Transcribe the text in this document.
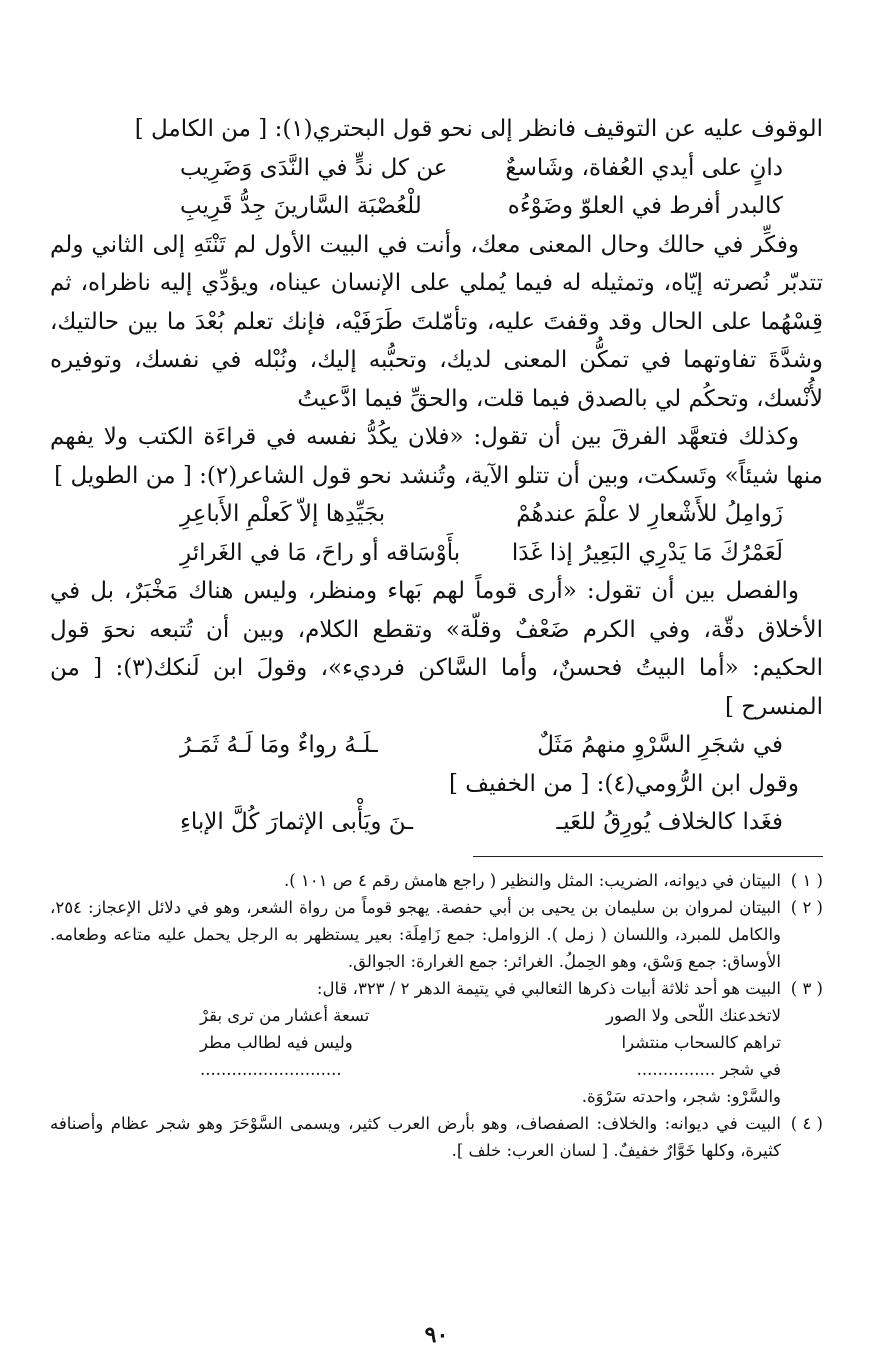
الوقوف عليه عن التوقيف فانظر إلى نحو قول البحتري(١): [ من الكامل ]

دانٍ على أيدي العُفاة، وشَاسعٌ
عن كل ندٍّ في النَّدَى وَضَرِيب
كالبدر أفرط في العلوّ وضَوْءُه
للْعُصْبَة السَّارينَ جِدُّ قَرِيبِ

وفكِّر في حالك وحال المعنى معك، وأنت في البيت الأول لم تَنْتَهِ إلى الثاني ولم تتدبّر نُصرته إيّاه، وتمثيله له فيما يُملي على الإنسان عيناه، ويؤدِّي إليه ناظراه، ثم قِسْهُما على الحال وقد وقفتَ عليه، وتأمّلتَ طَرَفَيْه، فإنك تعلم بُعْدَ ما بين حالتيك، وشدَّةَ تفاوتهما في تمكُّن المعنى لديك، وتحبُّبه إليك، ونُبْله في نفسك، وتوفيره لأُنْسك، وتحكُم لي بالصدق فيما قلت، والحقِّ فيما ادَّعيتُ

وكذلك فتعهَّد الفرقَ بين أن تقول: «فلان يكُدُّ نفسه في قراءَة الكتب ولا يفهم منها شيئاً» وتَسكت، وبين أن تتلو الآية، وتُنشد نحو قول الشاعر(٢): [ من الطويل ]

زَوامِلُ للأَشْعارِ لا علْمَ عندهُمْ
بجَيِّدِها إلاّ كَعلْمِ الأَباعِرِ
لَعَمْرُكَ مَا يَدْرِي البَعِيرُ إذا غَدَا
بأَوْسَاقه أو راحَ، مَا في الغَرائرِ

والفصل بين أن تقول: «أرى قوماً لهم بَهاء ومنظر، وليس هناك مَخْبَرٌ، بل في الأخلاق دقّة، وفي الكرم ضَعْفٌ وقلّة» وتقطع الكلام، وبين أن تُتبعه نحوَ قول الحكيم: «أما البيتُ فحسنٌ، وأما السَّاكن فرديء»، وقولَ ابن لَنكك(٣): [ من المنسرح ]

في شجَرِ السَّرْوِ منهمُ مَثَلٌ
ـلَـهُ رواءٌ ومَا لَـهُ ثَمَـرُ

وقول ابن الرُّومي(٤): [ من الخفيف ]

فغَدا كالخلاف يُورِقُ للعَيـ
ـنَ ويَأْبى الإثمارَ كُلَّ الإباءِ
( ١ )

البيتان في ديوانه، الضريب: المثل والنظير ( راجع هامش رقم ٤ ص ١٠١ ).

( ٢ )

البيتان لمروان بن سليمان بن يحيى بن أبي حفصة. يهجو قوماً من رواة الشعر، وهو في دلائل الإعجاز: ٢٥٤، والكامل للمبرد، واللسان ( زمل ). الزوامل: جمع زَامِلَة: بعير يستظهر به الرجل يحمل عليه متاعه وطعامه. الأوساق: جمع وَسْق، وهو الحِملُ. الغرائر: جمع الغرارة: الجوالق.

( ٣ )

البيت هو أحد ثلاثة أبيات ذكرها الثعالبي في يتيمة الدهر ٢ / ٣٢٣، قال:

لاتخدعنك اللّحى ولا الصور
تسعة أعشار من ترى بقرْ
تراهم كالسحاب منتشرا
وليس فيه لطالب مطر
في شجر ...............
...........................

والسَّرْو: شجر، واحدته سَرْوَة.

( ٤ )

البيت في ديوانه: والخلاف: الصفصاف، وهو بأرض العرب كثير، ويسمى السَّوْحَرَ وهو شجر عظام وأصنافه كثيرة، وكلها خَوَّارٌ خفيفٌ. [ لسان العرب: خلف ].

٩٠
